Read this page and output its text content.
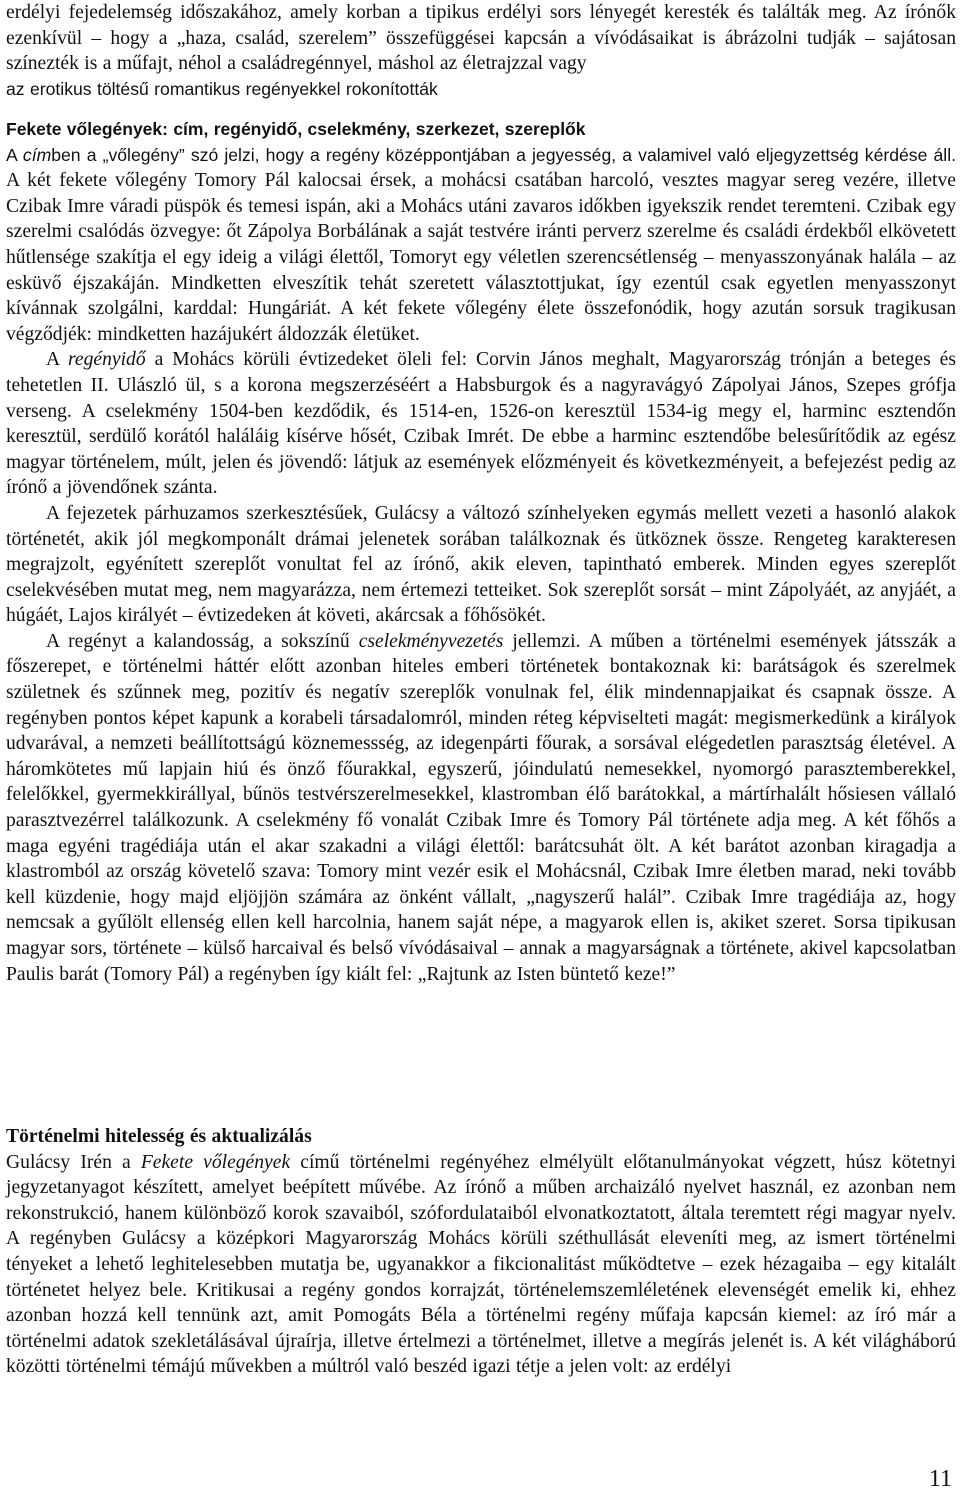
erdélyi fejedelemség időszakához, amely korban a tipikus erdélyi sors lényegét keresték és találták meg. Az írónők ezenkívül – hogy a „haza, család, szerelem” összefüggései kapcsán a vívódásaikat is ábrázolni tudják – sajátosan színezték is a műfajt, néhol a családregénnyel, máshol az életrajzzal vagy

az erotikus töltésű romantikus regényekkel rokonították

Fekete vőlegények: cím, regényidő, cselekmény, szerkezet, szereplők

A címben a „vőlegény” szó jelzi, hogy a regény középpontjában a jegyesség, a valamivel való eljegyzettség kérdése áll. A két fekete vőlegény Tomory Pál kalocsai érsek, a mohácsi csatában harcoló, vesztes magyar sereg vezére, illetve Czibak Imre váradi püspök és temesi ispán, aki a Mohács utáni zavaros időkben igyekszik rendet teremteni. Czibak egy szerelmi csalódás özvegye: őt Zápolya Borbálának a saját testvére iránti perverz szerelme és családi érdekből elkövetett hűtlensége szakítja el egy ideig a világi élettől, Tomoryt egy véletlen szerencsétlenség – menyasszonyának halála – az esküvő éjszakáján. Mindketten elveszítik tehát szeretett választottjukat, így ezentúl csak egyetlen menyasszonyt kívánnak szolgálni, karddal: Hungáriát. A két fekete vőlegény élete összefonódik, hogy azután sorsuk tragikusan végződjék: mindketten hazájukért áldozzák életüket.

A regényidő a Mohács körüli évtizedeket öleli fel: Corvin János meghalt, Magyarország trónján a beteges és tehetetlen II. Ulászló ül, s a korona megszerzéséért a Habsburgok és a nagyravágyó Zápolyai János, Szepes grófja verseng. A cselekmény 1504-ben kezdődik, és 1514-en, 1526-on keresztül 1534-ig megy el, harminc esztendőn keresztül, serdülő korától haláláig kísérve hősét, Czibak Imrét. De ebbe a harminc esztendőbe belesűrítődik az egész magyar történelem, múlt, jelen és jövendő: látjuk az események előzményeit és következményeit, a befejezést pedig az írónő a jövendőnek szánta.

A fejezetek párhuzamos szerkesztésűek, Gulácsy a változó színhelyeken egymás mellett vezeti a hasonló alakok történetét, akik jól megkomponált drámai jelenetek sorában találkoznak és ütköznek össze. Rengeteg karakteresen megrajzolt, egyénített szereplőt vonultat fel az írónő, akik eleven, tapintható emberek. Minden egyes szereplőt cselekvésében mutat meg, nem magyarázza, nem értemezi tetteiket. Sok szereplőt sorsát – mint Zápolyáét, az anyjáét, a húgáét, Lajos királyét – évtizedeken át követi, akárcsak a főhősökét.

A regényt a kalandosság, a sokszínű cselekményvezetés jellemzi. A műben a történelmi események játsszák a főszerepet, e történelmi háttér előtt azonban hiteles emberi történetek bontakoznak ki: barátságok és szerelmek születnek és szűnnek meg, pozitív és negatív szereplők vonulnak fel, élik mindennapjaikat és csapnak össze. A regényben pontos képet kapunk a korabeli társadalomról, minden réteg képviselteti magát: megismerkedünk a királyok udvarával, a nemzeti beállítottságú köznemessség, az idegenpárti főurak, a sorsával elégedetlen parasztság életével. A háromkötetes mű lapjain hiú és önző főurakkal, egyszerű, jóindulatú nemesekkel, nyomorgó parasztemberekkel, felelőkkel, gyermekkirállyal, bűnös testvérszerelmesekkel, klastromban élő barátokkal, a mártírhalált hősiesen vállaló parasztvezérrel találkozunk. A cselekmény fő vonalát Czibak Imre és Tomory Pál története adja meg. A két főhős a maga egyéni tragédiája után el akar szakadni a világi élettől: barátcsuhát ölt. A két barátot azonban kiragadja a klastromból az ország követelő szava: Tomory mint vezér esik el Mohácsnál, Czibak Imre életben marad, neki tovább kell küzdenie, hogy majd eljöjjön számára az önként vállalt, „nagyszerű halál”. Czibak Imre tragédiája az, hogy nemcsak a gyűlölt ellenség ellen kell harcolnia, hanem saját népe, a magyarok ellen is, akiket szeret. Sorsa tipikusan magyar sors, története – külső harcaival és belső vívódásaival – annak a magyarságnak a története, akivel kapcsolatban Paulis barát (Tomory Pál) a regényben így kiált fel: „Rajtunk az Isten büntető keze!”

Történelmi hitelesség és aktualizálás

Gulácsy Irén a Fekete vőlegények című történelmi regényéhez elmélyült előtanulmányokat végzett, húsz kötetnyi jegyzetanyagot készített, amelyet beépített művébe. Az írónő a műben archaizáló nyelvet használ, ez azonban nem rekonstrukció, hanem különböző korok szavaiból, szófordulataiból elvonatkoztatott, általa teremtett régi magyar nyelv. A regényben Gulácsy a középkori Magyarország Mohács körüli széthullását eleveníti meg, az ismert történelmi tényeket a lehető leghitelesebben mutatja be, ugyanakkor a fikcionalitást működtetve – ezek hézagaiba – egy kitalált történetet helyez bele. Kritikusai a regény gondos korrajzát, történelemszemléletének elevenségét emelik ki, ehhez azonban hozzá kell tennünk azt, amit Pomogáts Béla a történelmi regény műfaja kapcsán kiemel: az író már a történelmi adatok szekletálásával újraírja, illetve értelmezi a történelmet, illetve a megírás jelenét is. A két világháború közötti történelmi témájú művekben a múltról való beszéd igazi tétje a jelen volt: az erdélyi

11
